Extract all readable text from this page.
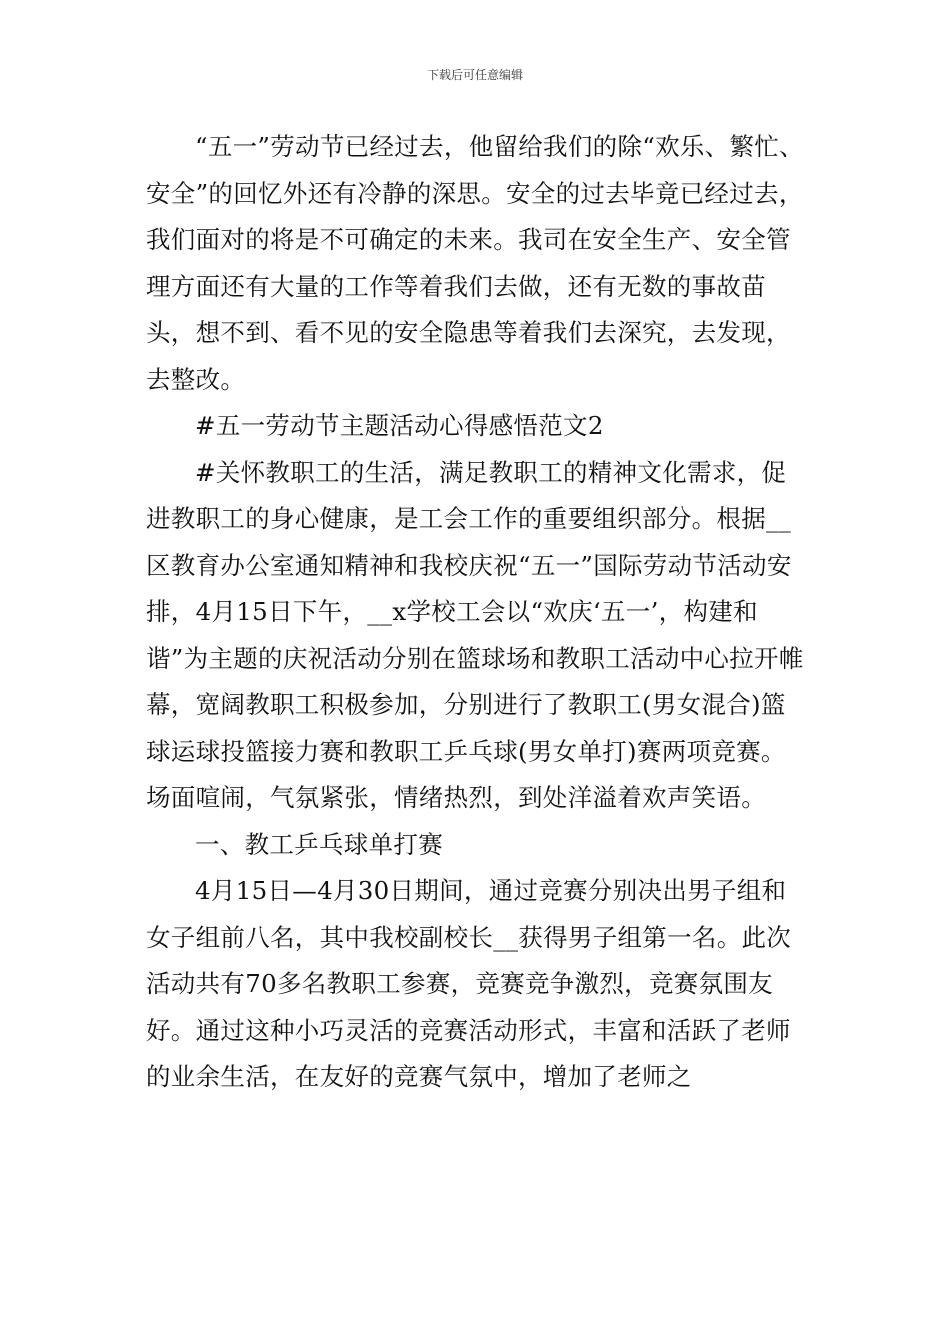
下载后可任意编辑

“五一”劳动节已经过去，他留给我们的除“欢乐、繁忙、安全”的回忆外还有冷静的深思。安全的过去毕竟已经过去，我们面对的将是不可确定的未来。我司在安全生产、安全管理方面还有大量的工作等着我们去做，还有无数的事故苗头，想不到、看不见的安全隐患等着我们去深究，去发现，去整改。

#五一劳动节主题活动心得感悟范文2

#关怀教职工的生活，满足教职工的精神文化需求，促进教职工的身心健康，是工会工作的重要组织部分。根据__区教育办公室通知精神和我校庆祝“五一”国际劳动节活动安排，4月15日下午，__x学校工会以“欢庆‘五一’，构建和谐”为主题的庆祝活动分别在篮球场和教职工活动中心拉开帷幕，宽阔教职工积极参加，分别进行了教职工(男女混合)篮球运球投篮接力赛和教职工乒乓球(男女单打)赛两项竞赛。场面喧闹，气氛紧张，情绪热烈，到处洋溢着欢声笑语。

一、教工乒乓球单打赛

4月15日—4月30日期间，通过竞赛分别决出男子组和女子组前八名，其中我校副校长__获得男子组第一名。此次活动共有70多名教职工参赛，竞赛竞争激烈，竞赛氛围友好。通过这种小巧灵活的竞赛活动形式，丰富和活跃了老师的业余生活，在友好的竞赛气氛中，增加了老师之
